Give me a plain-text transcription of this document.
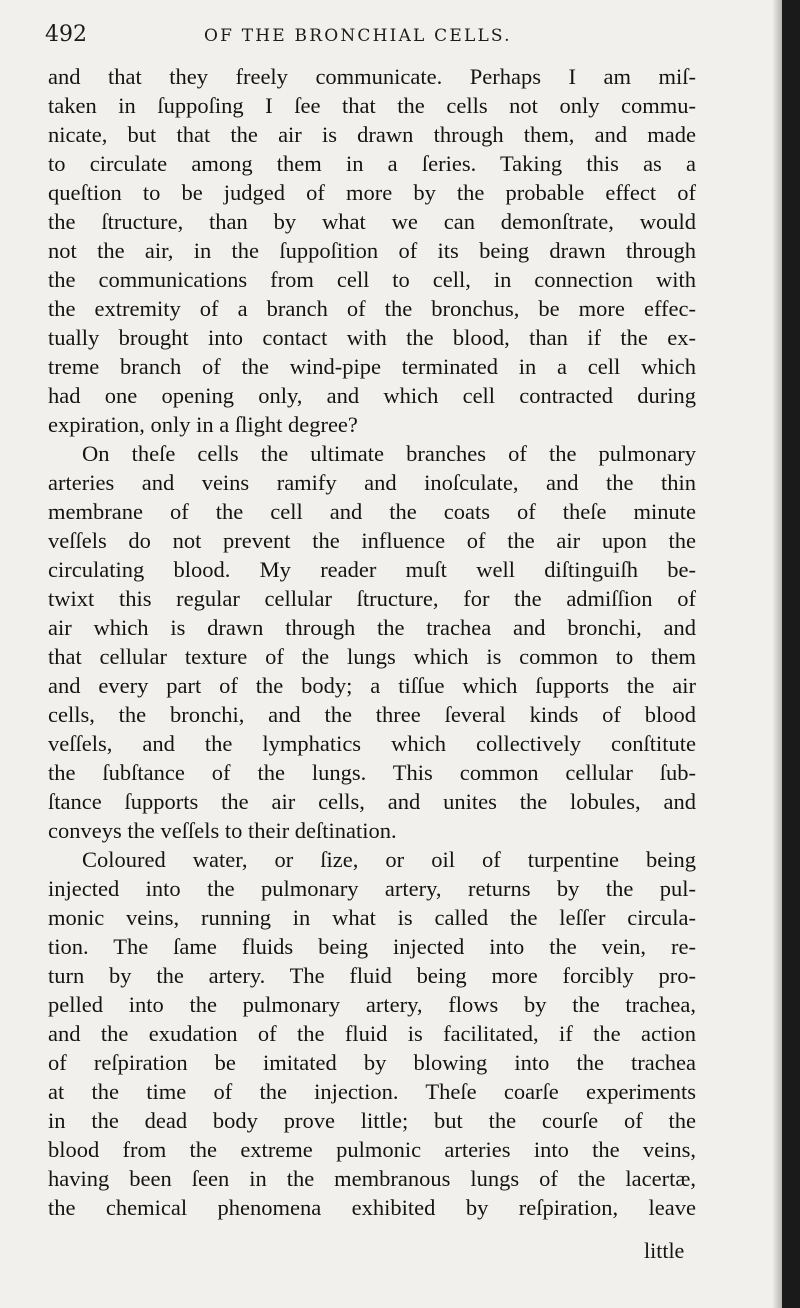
492	OF THE BRONCHIAL CELLS.
and that they freely communicate. Perhaps I am miſ-
taken in ſuppoſing I ſee that the cells not only commu-
nicate, but that the air is drawn through them, and made
to circulate among them in a ſeries. Taking this as a
queſtion to be judged of more by the probable effect of
the ſtructure, than by what we can demonſtrate, would
not the air, in the ſuppoſition of its being drawn through
the communications from cell to cell, in connection with
the extremity of a branch of the bronchus, be more effec-
tually brought into contact with the blood, than if the ex-
treme branch of the wind-pipe terminated in a cell which
had one opening only, and which cell contracted during
expiration, only in a ſlight degree?
On theſe cells the ultimate branches of the pulmonary
arteries and veins ramify and inoſculate, and the thin
membrane of the cell and the coats of theſe minute
veſſels do not prevent the influence of the air upon the
circulating blood. My reader muſt well diſtinguiſh be-
twixt this regular cellular ſtructure, for the admiſſion of
air which is drawn through the trachea and bronchi, and
that cellular texture of the lungs which is common to them
and every part of the body; a tiſſue which ſupports the air
cells, the bronchi, and the three ſeveral kinds of blood
veſſels, and the lymphatics which collectively conſtitute
the ſubſtance of the lungs. This common cellular ſub-
ſtance ſupports the air cells, and unites the lobules, and
conveys the veſſels to their deſtination.
Coloured water, or ſize, or oil of turpentine being
injected into the pulmonary artery, returns by the pul-
monic veins, running in what is called the leſſer circula-
tion. The ſame fluids being injected into the vein, re-
turn by the artery. The fluid being more forcibly pro-
pelled into the pulmonary artery, flows by the trachea,
and the exudation of the fluid is facilitated, if the action
of reſpiration be imitated by blowing into the trachea
at the time of the injection. Theſe coarſe experiments
in the dead body prove little; but the courſe of the
blood from the extreme pulmonic arteries into the veins,
having been ſeen in the membranous lungs of the lacertæ,
the chemical phenomena exhibited by reſpiration, leave
little
